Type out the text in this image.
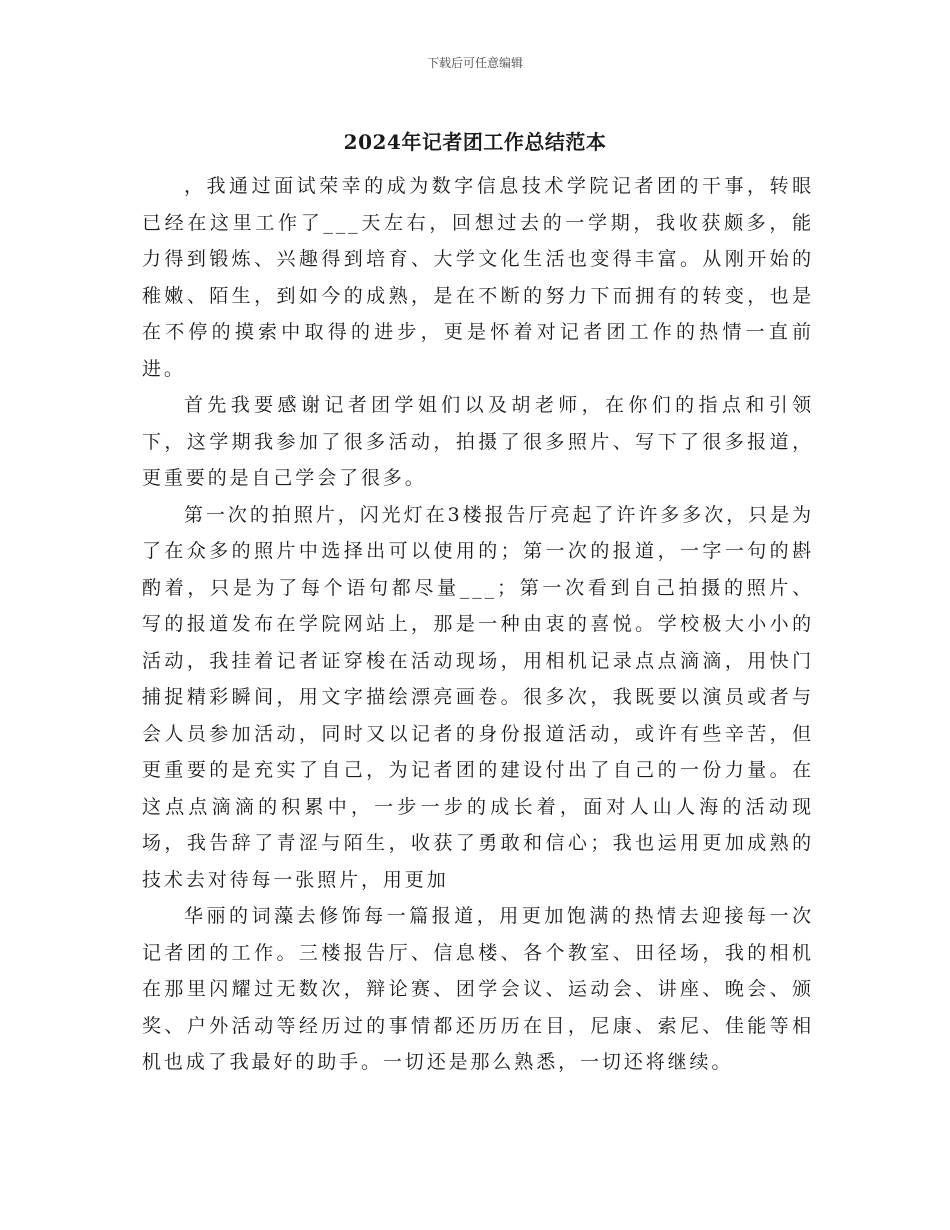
下载后可任意编辑
2024年记者团工作总结范本

，我通过面试荣幸的成为数字信息技术学院记者团的干事，转眼已经在这里工作了___天左右，回想过去的一学期，我收获颇多，能力得到锻炼、兴趣得到培育、大学文化生活也变得丰富。从刚开始的稚嫩、陌生，到如今的成熟，是在不断的努力下而拥有的转变，也是在不停的摸索中取得的进步，更是怀着对记者团工作的热情一直前进。

首先我要感谢记者团学姐们以及胡老师，在你们的指点和引领下，这学期我参加了很多活动，拍摄了很多照片、写下了很多报道，更重要的是自己学会了很多。

第一次的拍照片，闪光灯在3楼报告厅亮起了许许多多次，只是为了在众多的照片中选择出可以使用的；第一次的报道，一字一句的斟酌着，只是为了每个语句都尽量___；第一次看到自己拍摄的照片、写的报道发布在学院网站上，那是一种由衷的喜悦。学校极大小小的活动，我挂着记者证穿梭在活动现场，用相机记录点点滴滴，用快门捕捉精彩瞬间，用文字描绘漂亮画卷。很多次，我既要以演员或者与会人员参加活动，同时又以记者的身份报道活动，或许有些辛苦，但更重要的是充实了自己，为记者团的建设付出了自己的一份力量。在这点点滴滴的积累中，一步一步的成长着，面对人山人海的活动现场，我告辞了青涩与陌生，收获了勇敢和信心；我也运用更加成熟的技术去对待每一张照片，用更加

华丽的词藻去修饰每一篇报道，用更加饱满的热情去迎接每一次记者团的工作。三楼报告厅、信息楼、各个教室、田径场，我的相机在那里闪耀过无数次，辩论赛、团学会议、运动会、讲座、晚会、颁奖、户外活动等经历过的事情都还历历在目，尼康、索尼、佳能等相机也成了我最好的助手。一切还是那么熟悉，一切还将继续。
